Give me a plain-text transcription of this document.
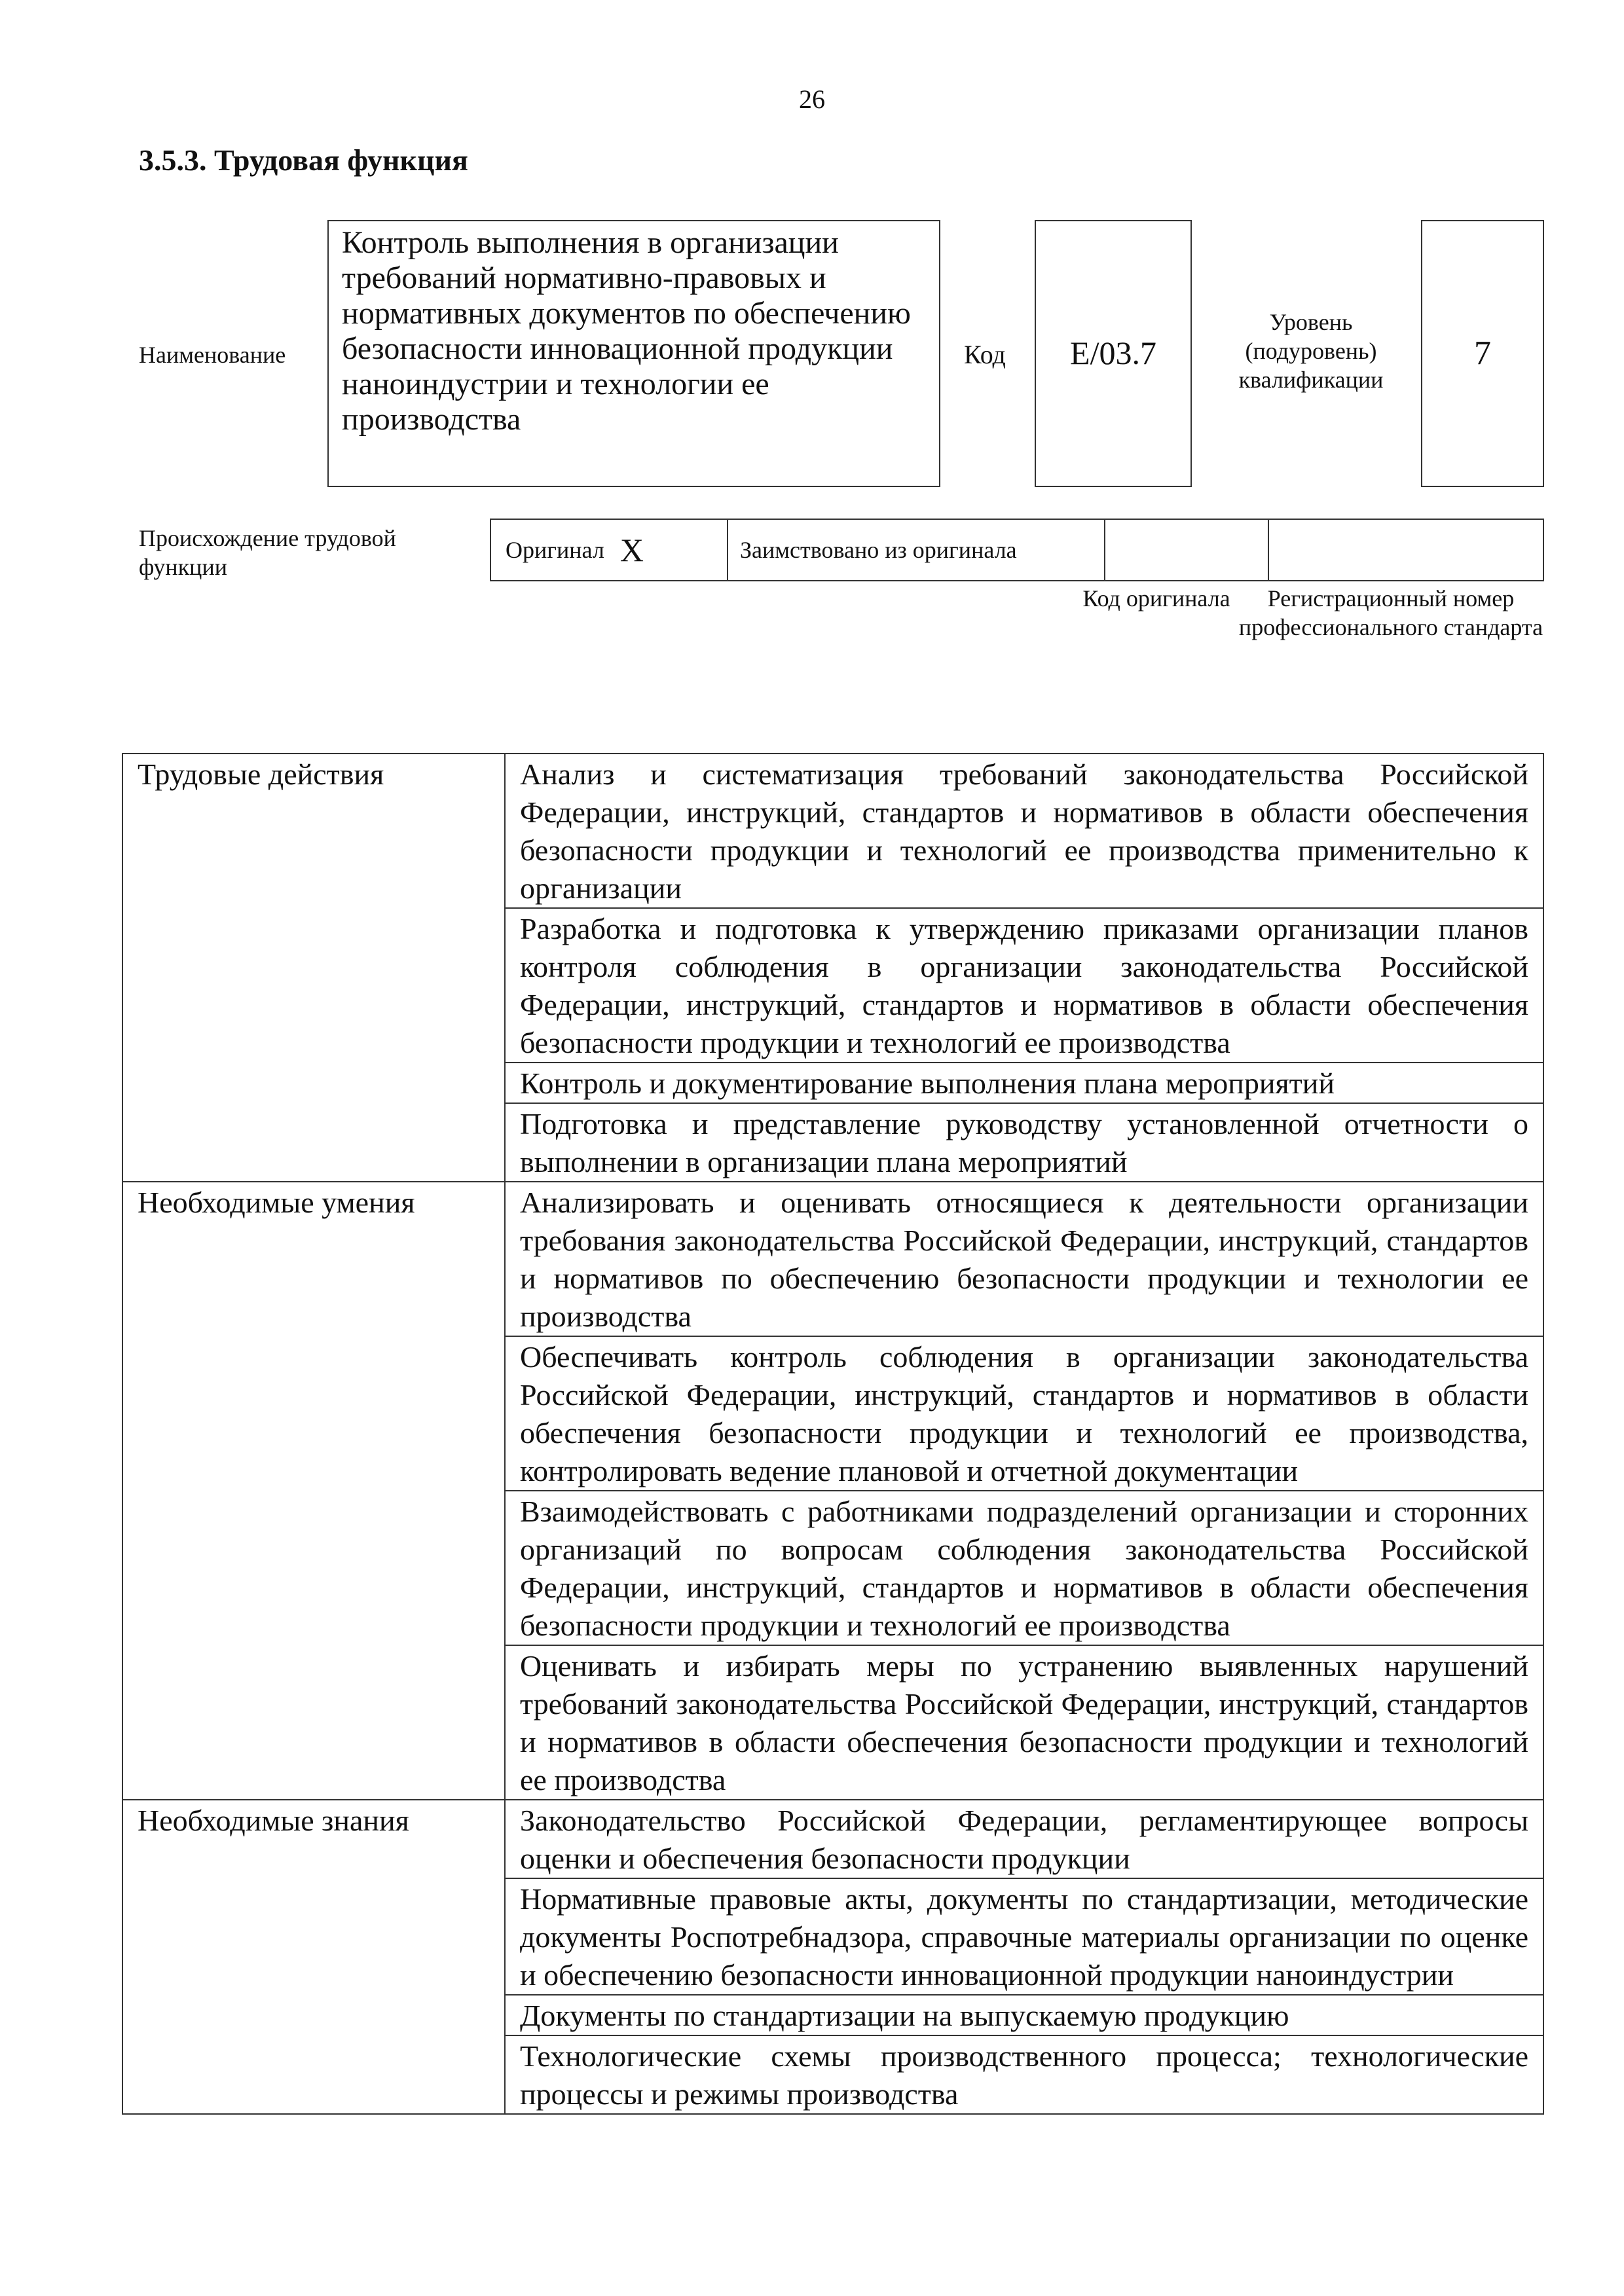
26
3.5.3. Трудовая функция
Наименование
Контроль выполнения в организации требований нормативно-правовых и нормативных документов по обеспечению безопасности инновационной продукции наноиндустрии и технологии ее производства
Код	E/03.7
Уровень (подуровень) квалификации
7
Происхождение трудовой функции
Оригинал X	Заимствовано из оригинала
Код оригинала	Регистрационный номер профессионального стандарта
Трудовые действия	Анализ и систематизация требований законодательства Российской Федерации, инструкций, стандартов и нормативов в области обеспечения безопасности продукции и технологий ее производства применительно к организации
	Разработка и подготовка к утверждению приказами организации планов контроля соблюдения в организации законодательства Российской Федерации, инструкций, стандартов и нормативов в области обеспечения безопасности продукции и технологий ее производства
	Контроль и документирование выполнения плана мероприятий
	Подготовка и представление руководству установленной отчетности о выполнении в организации плана мероприятий
Необходимые умения	Анализировать и оценивать относящиеся к деятельности организации требования законодательства Российской Федерации, инструкций, стандартов и нормативов по обеспечению безопасности продукции и технологии ее производства
	Обеспечивать контроль соблюдения в организации законодательства Российской Федерации, инструкций, стандартов и нормативов в области обеспечения безопасности продукции и технологий ее производства, контролировать ведение плановой и отчетной документации
	Взаимодействовать с работниками подразделений организации и сторонних организаций по вопросам соблюдения законодательства Российской Федерации, инструкций, стандартов и нормативов в области обеспечения безопасности продукции и технологий ее производства
	Оценивать и избирать меры по устранению выявленных нарушений требований законодательства Российской Федерации, инструкций, стандартов и нормативов в области обеспечения безопасности продукции и технологий ее производства
Необходимые знания	Законодательство Российской Федерации, регламентирующее вопросы оценки и обеспечения безопасности продукции
	Нормативные правовые акты, документы по стандартизации, методические документы Роспотребнадзора, справочные материалы организации по оценке и обеспечению безопасности инновационной продукции наноиндустрии
	Документы по стандартизации на выпускаемую продукцию
	Технологические схемы производственного процесса; технологические процессы и режимы производства
